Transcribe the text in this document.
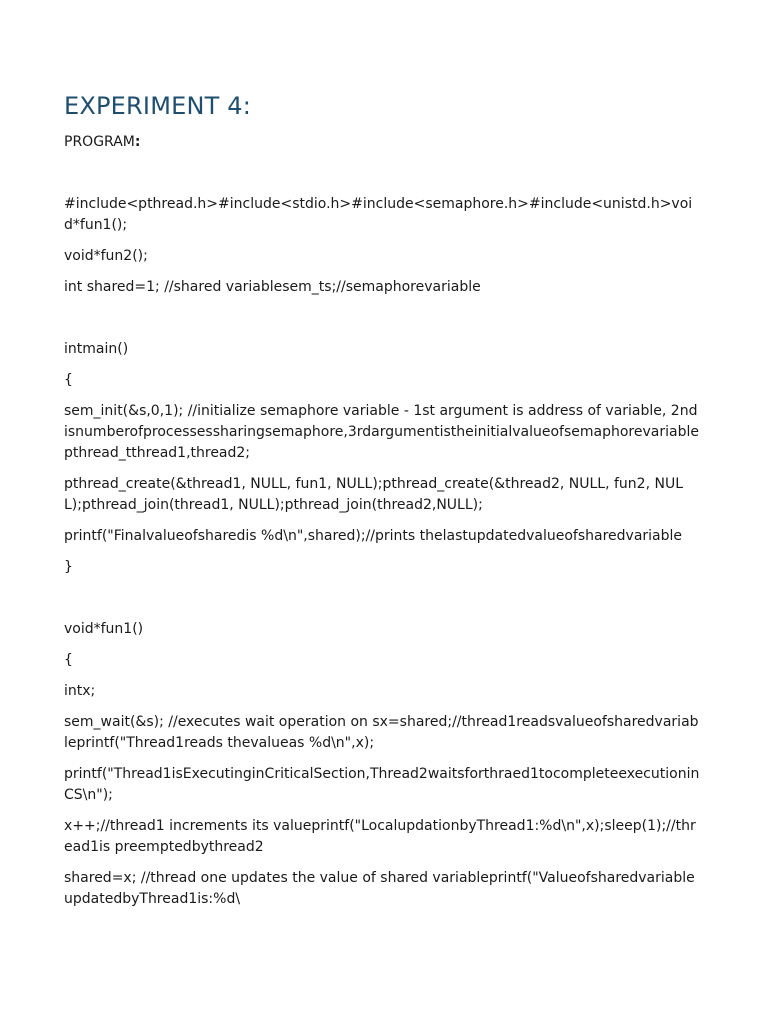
EXPERIMENT 4:
PROGRAM:
#include<pthread.h>#include<stdio.h>#include<semaphore.h>#include<unistd.h>void*fun1();
void*fun2();
int shared=1; //shared variablesem_ts;//semaphorevariable
intmain()
{
sem_init(&s,0,1); //initialize semaphore variable - 1st argument is address of variable, 2nd isnumberofprocessessharingsemaphore,3rdargumentistheinitialvalueofsemaphorevariablepthread_tthread1,thread2;
pthread_create(&thread1, NULL, fun1, NULL);pthread_create(&thread2, NULL, fun2, NULL);pthread_join(thread1, NULL);pthread_join(thread2,NULL);
printf("Finalvalueofsharedis %d\n",shared);//prints thelastupdatedvalueofsharedvariable
}
void*fun1()
{
intx;
sem_wait(&s); //executes wait operation on sx=shared;//thread1readsvalueofsharedvariableprintf("Thread1reads thevalueas %d\n",x);
printf("Thread1isExecutinginCriticalSection,Thread2waitsforthraed1tocompleteexecutioninCS\n");
x++;//thread1 increments its valueprintf("LocalupdationbyThread1:%d\n",x);sleep(1);//thread1is preemptedbythread2
shared=x; //thread one updates the value of shared variableprintf("ValueofsharedvariableupdatedbyThread1is:%d\
